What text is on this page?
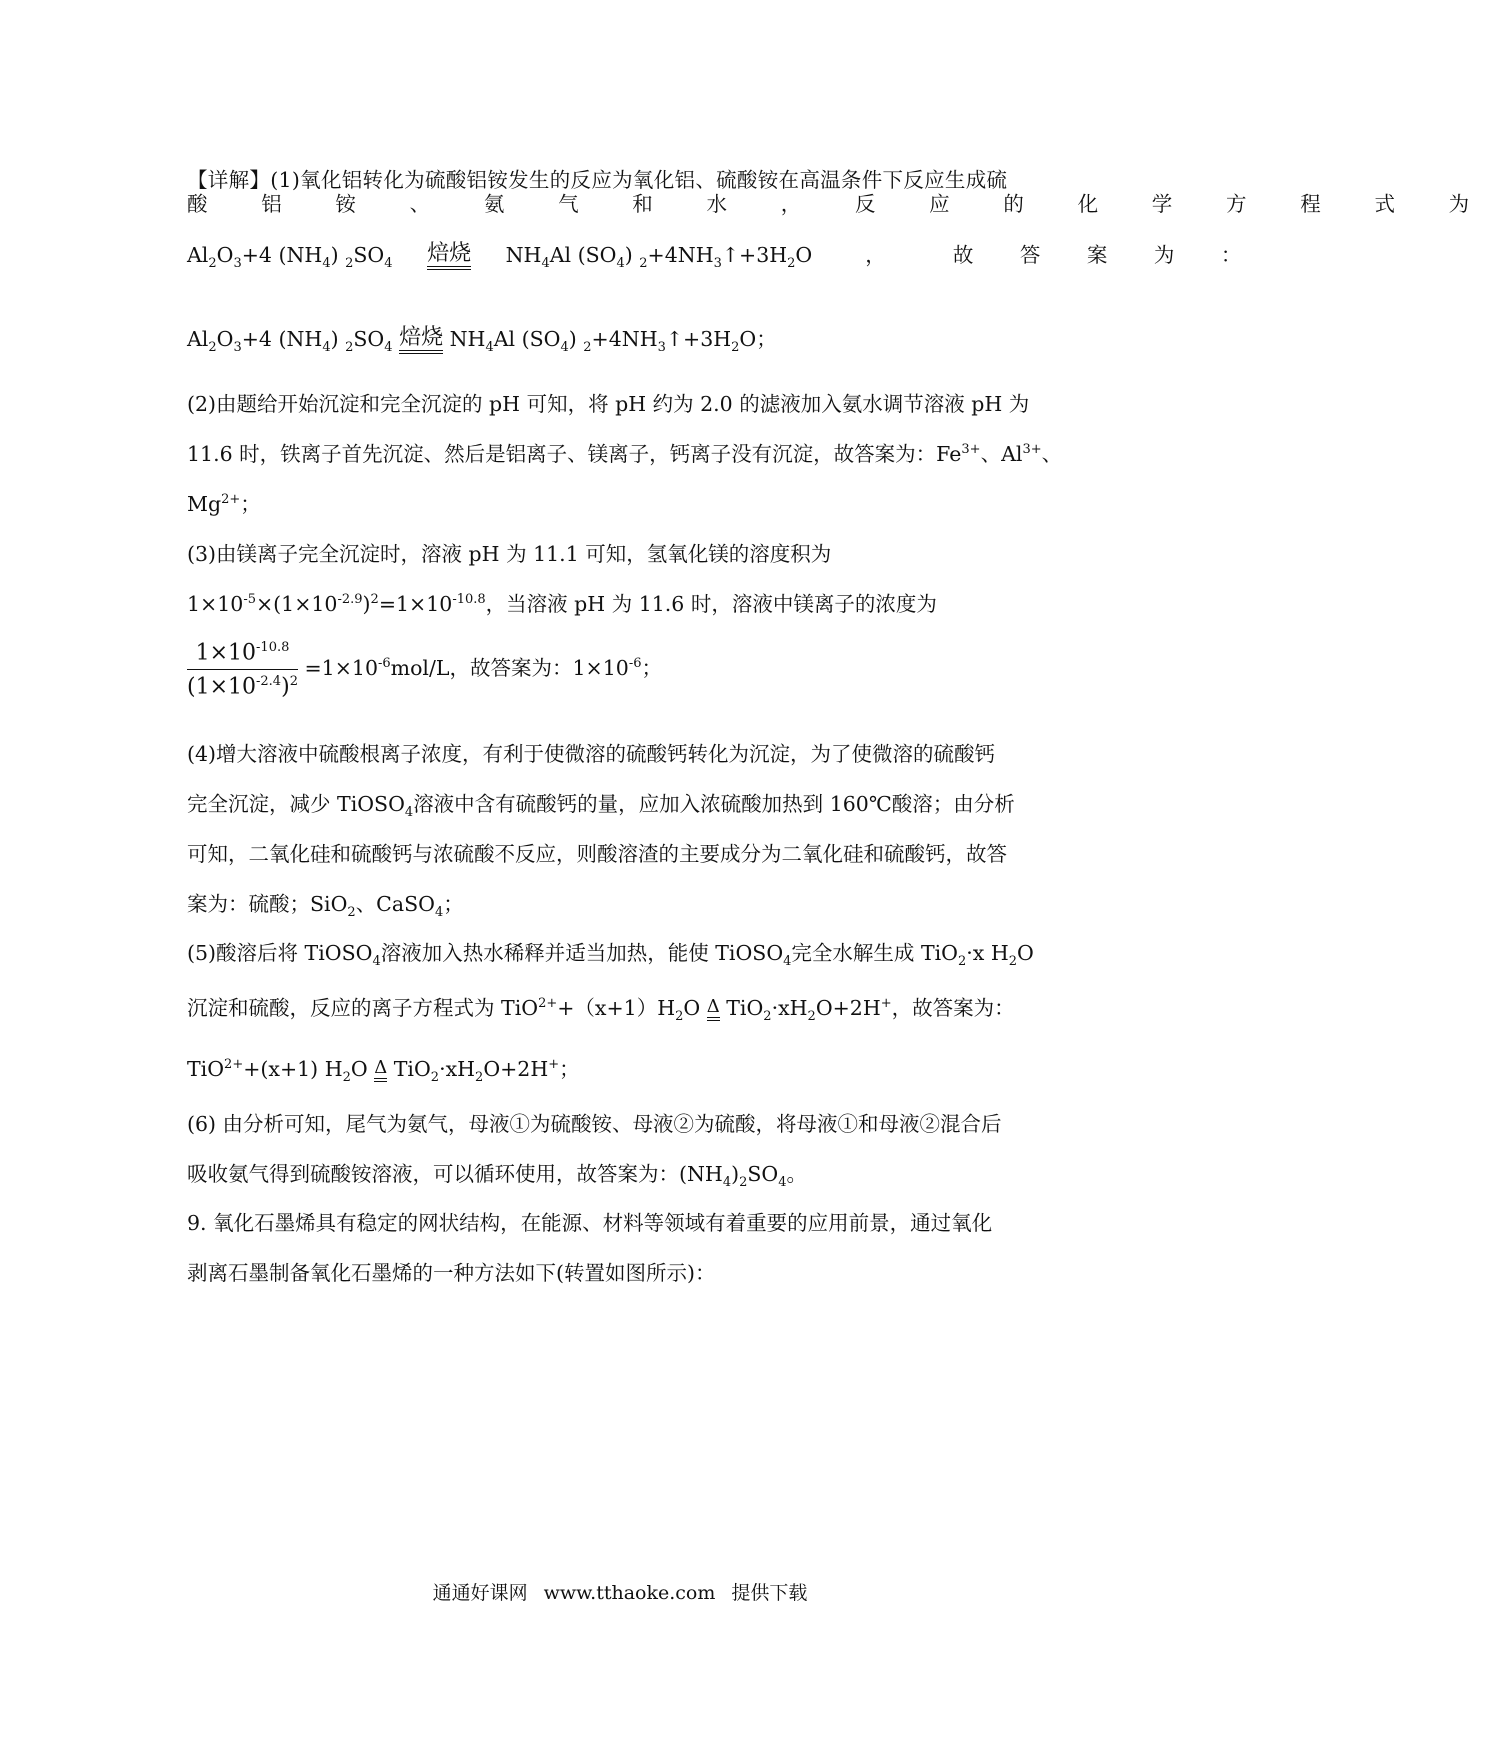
【详解】(1)氧化铝转化为硫酸铝铵发生的反应为氧化铝、硫酸铵在高温条件下反应生成硫
酸 铝 铵 、 氨 气 和 水 ， 反 应 的 化 学 方 程 式 为
$Al_2O_3+4$ $(NH_4)$ $_2SO_4$ 焙烧 $NH_4Al$ $(SO_4)$ $_2+4NH_3↑+3H_2O$	，	故 答 案 为 ：
$Al_2O_3+4$ $(NH_4)$ $_2SO_4$ 焙烧 $NH_4Al$ $(SO_4)$ $_2+4NH_3↑+3H_2O$；
(2)由题给开始沉淀和完全沉淀的 pH 可知，将 pH 约为 2.0 的滤液加入氨水调节溶液 pH 为
11.6 时，铁离子首先沉淀、然后是铝离子、镁离子，钙离子没有沉淀，故答案为：$Fe^{3+}$、$Al^{3+}$、
$Mg^{2+}$；
(3)由镁离子完全沉淀时，溶液 pH 为 11.1 可知，氢氧化镁的溶度积为
$1\times 10^{-5}\times(1\times 10^{-2.9})^2=1\times 10^{-10.8}$，当溶液 pH 为 11.6 时，溶液中镁离子的浓度为
$\frac{1\times 10^{-10.8}}{(1\times 10^{-2.4})^2} =1\times 10^{-6}mol/L$，故答案为：$1\times 10^{-6}$；
(4)增大溶液中硫酸根离子浓度，有利于使微溶的硫酸钙转化为沉淀，为了使微溶的硫酸钙
完全沉淀，减少 TiOSO$_4$溶液中含有硫酸钙的量，应加入浓硫酸加热到 160℃酸溶；由分析
可知，二氧化硅和硫酸钙与浓硫酸不反应，则酸溶渣的主要成分为二氧化硅和硫酸钙，故答
案为：硫酸；SiO$_2$、CaSO$_4$；
(5)酸溶后将 TiOSO$_4$溶液加入热水稀释并适当加热，能使 TiOSO$_4$完全水解生成 TiO$_2$·x $H_2O$
沉淀和硫酸，反应的离子方程式为 $TiO^{2+}+(x+1)H_2O$ Δ $TiO_2\cdot xH_2O+2H^+$，故答案为：
TiO$^{2+}$+(x+1) $H_2O$ Δ $TiO_2\cdot xH_2O+2H^+$；
(6) 由分析可知，尾气为氨气，母液①为硫酸铵、母液②为硫酸，将母液①和母液②混合后
吸收氨气得到硫酸铵溶液，可以循环使用，故答案为：$(NH_4)_2SO_4$。
9. 氧化石墨烯具有稳定的网状结构，在能源、材料等领域有着重要的应用前景，通过氧化
剥离石墨制备氧化石墨烯的一种方法如下(转置如图所示)：
通通好课网 www.tthaoke.com 提供下载
